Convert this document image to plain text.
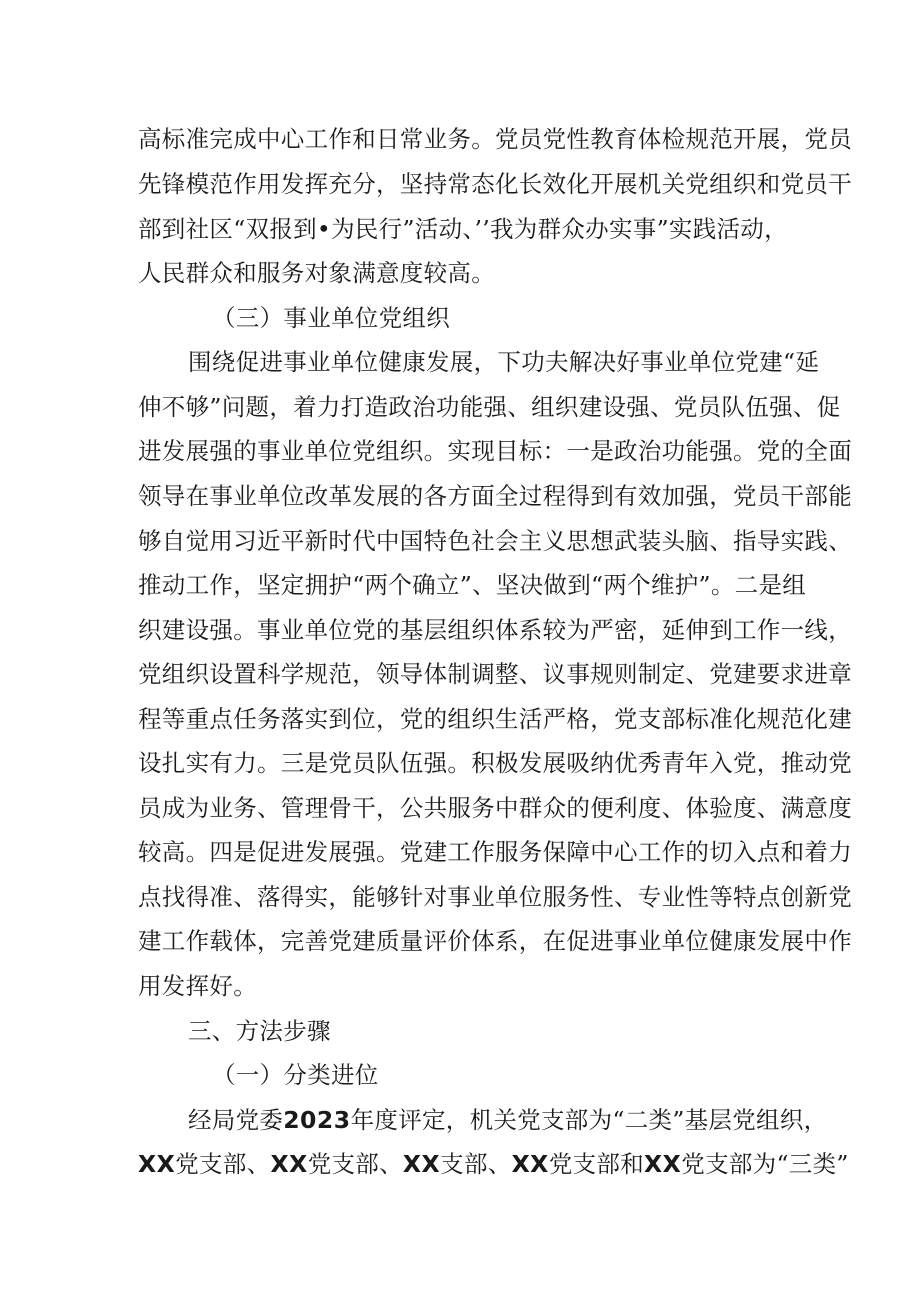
高标准完成中心工作和日常业务。党员党性教育体检规范开展，党员
先锋模范作用发挥充分，坚持常态化长效化开展机关党组织和党员干
部到社区“双报到•为民行”活动、’’我为群众办实事”实践活动，
人民群众和服务对象满意度较高。
（三）事业单位党组织
围绕促进事业单位健康发展，下功夫解决好事业单位党建“延
伸不够”问题，着力打造政治功能强、组织建设强、党员队伍强、促
进发展强的事业单位党组织。实现目标：一是政治功能强。党的全面
领导在事业单位改革发展的各方面全过程得到有效加强，党员干部能
够自觉用习近平新时代中国特色社会主义思想武装头脑、指导实践、
推动工作，坚定拥护“两个确立”、坚决做到“两个维护”。二是组
织建设强。事业单位党的基层组织体系较为严密，延伸到工作一线，
党组织设置科学规范，领导体制调整、议事规则制定、党建要求进章
程等重点任务落实到位，党的组织生活严格，党支部标准化规范化建
设扎实有力。三是党员队伍强。积极发展吸纳优秀青年入党，推动党
员成为业务、管理骨干，公共服务中群众的便利度、体验度、满意度
较高。四是促进发展强。党建工作服务保障中心工作的切入点和着力
点找得准、落得实，能够针对事业单位服务性、专业性等特点创新党
建工作载体，完善党建质量评价体系，在促进事业单位健康发展中作
用发挥好。
三、方法步骤
（一）分类进位
经局党委2023年度评定，机关党支部为“二类”基层党组织，
XX党支部、XX党支部、XX支部、XX党支部和XX党支部为“三类”
